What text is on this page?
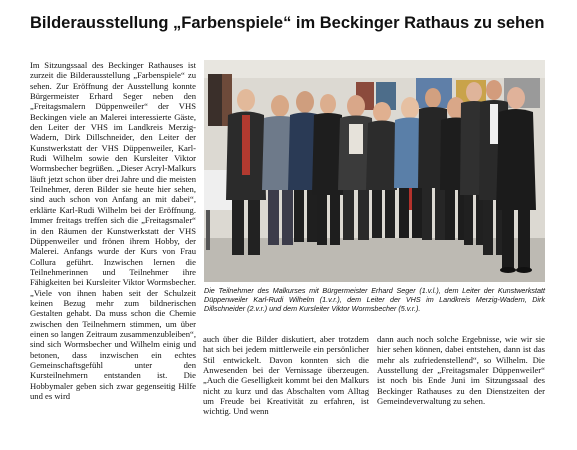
Bilderausstellung „Farbenspiele“ im Beckinger Rathaus zu sehen
Im Sitzungssaal des Beckinger Rathauses ist zurzeit die Bilderausstellung „Farbenspiele“ zu sehen. Zur Eröffnung der Ausstellung konnte Bürgermeister Erhard Seger neben den „Freitagsmalern Düppenweiler“ der VHS Beckingen viele an Malerei interessierte Gäste, den Leiter der VHS im Landkreis Merzig-Wadern, Dirk Dillschneider, den Leiter der Kunstwerkstatt der VHS Düppenweiler, Karl-Rudi Wilhelm sowie den Kursleiter Viktor Wormsbecher begrüßen. „Dieser Acryl-Malkurs läuft jetzt schon über drei Jahre und die meisten Teilnehmer, deren Bilder sie heute hier sehen, sind auch schon von Anfang an mit dabei“, erklärte Karl-Rudi Wilhelm bei der Eröffnung. Immer freitags treffen sich die „Freitagsmaler“ in den Räumen der Kunstwerkstatt der VHS Düppenweiler und frönen ihrem Hobby, der Malerei. Anfangs wurde der Kurs von Frau Collura geführt. Inzwischen lernen die Teilnehmerinnen und Teilnehmer ihre Fähigkeiten bei Kursleiter Viktor Wormsbecher. „Viele von ihnen haben seit der Schulzeit keinen Bezug mehr zum bildnerischen Gestalten gehabt. Da muss schon die Chemie zwischen den Teilnehmern stimmen, um über einen so langen Zeitraum zusammenzubleiben“, sind sich Wormsbecher und Wilhelm einig und betonen, dass inzwischen ein echtes Gemeinschaftsgefühl unter den Kursteilnehmern entstanden ist. Die Hobbymaler geben sich zwar gegenseitig Hilfe und es wird
Die Teilnehmer des Malkurses mit Bürgermeister Erhard Seger (1.v.l.), dem Leiter der Kunstwerkstatt Düppenweiler Karl-Rudi Wilhelm (1.v.r.), dem Leiter der VHS im Landkreis Merzig-Wadern, Dirk Dillschneider (2.v.r.) und dem Kursleiter Viktor Wormsbecher (5.v.r.).
auch über die Bilder diskutiert, aber trotzdem hat sich bei jedem mittlerweile ein persönlicher Stil entwickelt. Davon konnten sich die Anwesenden bei der Vernissage überzeugen. „Auch die Geselligkeit kommt bei den Malkurs nicht zu kurz und das Abschalten vom Alltag um Freude bei Kreativität zu erfahren, ist wichtig. Und wenn
dann auch noch solche Ergebnisse, wie wir sie hier sehen können, dabei entstehen, dann ist das mehr als zufriedenstellend“, so Wilhelm. Die Ausstellung der „Freitagsmaler Düppenweiler“ ist noch bis Ende Juni im Sitzungssaal des Beckinger Rathauses zu den Dienstzeiten der Gemeindeverwaltung zu sehen.
